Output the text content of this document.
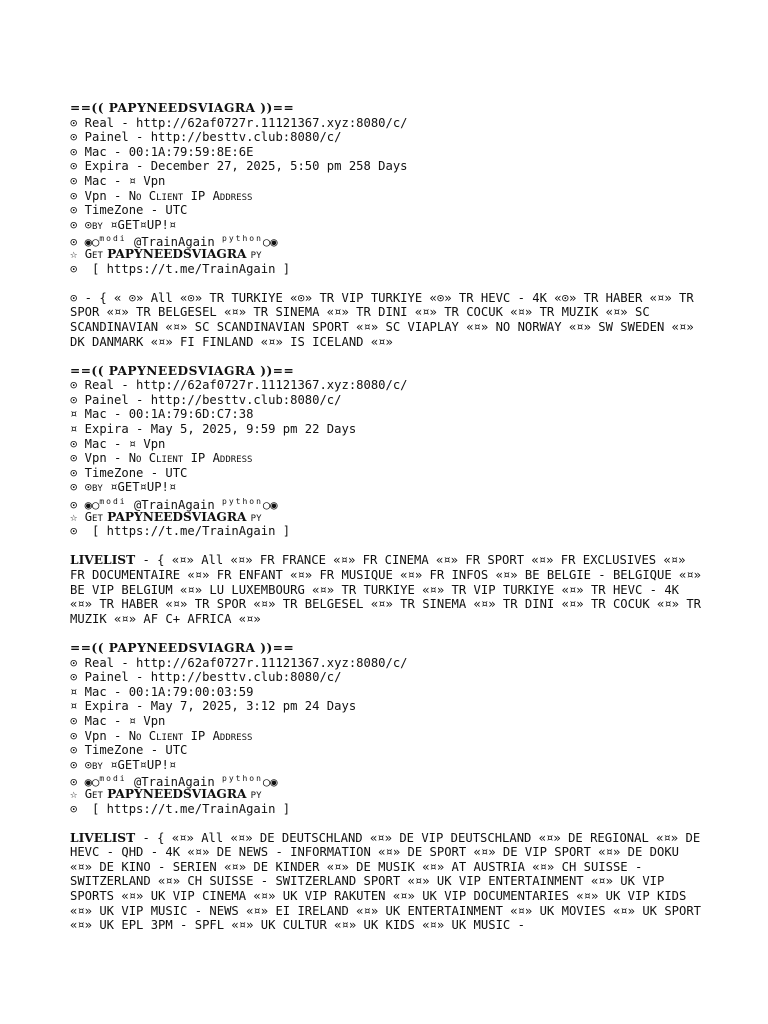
==(( PAPYNEEDSVIAGRA ))==
⊙ Real - http://62af0727r.11121367.xyz:8080/c/
⊙ Painel - http://besttv.club:8080/c/
⊙ Mac - 00:1A:79:59:8E:6E
⊙ Expira - December 27, 2025, 5:50 pm 258 Days
⊙ Mac - ¤ Vpn
⊙ Vpn - No Client IP Address
⊙ TimeZone - UTC
⊙ ⊙by ¤GET¤UP!¤
⊙ ◉○$^{modi}$ @TrainAgain $^{python}$○◉
☆ Get PAPYNEEDSVIAGRA py
⊙  [ https://t.me/TrainAgain ]
⊙ - { « ⊙» All «⊙» TR TURKIYE «⊙» TR VIP TURKIYE «⊙» TR HEVC - 4K «⊙» TR HABER «¤» TR SPOR «¤» TR BELGESEL «¤» TR SINEMA «¤» TR DINI «¤» TR COCUK «¤» TR MUZIK «¤» SC SCANDINAVIAN «¤» SC SCANDINAVIAN SPORT «¤» SC VIAPLAY «¤» NO NORWAY «¤» SW SWEDEN «¤» DK DANMARK «¤» FI FINLAND «¤» IS ICELAND «¤»
==(( PAPYNEEDSVIAGRA ))==
⊙ Real - http://62af0727r.11121367.xyz:8080/c/
⊙ Painel - http://besttv.club:8080/c/
¤ Mac - 00:1A:79:6D:C7:38
¤ Expira - May 5, 2025, 9:59 pm 22 Days
⊙ Mac - ¤ Vpn
⊙ Vpn - No Client IP Address
⊙ TimeZone - UTC
⊙ ⊙by ¤GET¤UP!¤
⊙ ◉○$^{modi}$ @TrainAgain $^{python}$○◉
☆ Get PAPYNEEDSVIAGRA py
⊙  [ https://t.me/TrainAgain ]
LIVELIST - { «¤» All «¤» FR FRANCE «¤» FR CINEMA «¤» FR SPORT «¤» FR EXCLUSIVES «¤» FR DOCUMENTAIRE «¤» FR ENFANT «¤» FR MUSIQUE «¤» FR INFOS «¤» BE BELGIE - BELGIQUE «¤» BE VIP BELGIUM «¤» LU LUXEMBOURG «¤» TR TURKIYE «¤» TR VIP TURKIYE «¤» TR HEVC - 4K «¤» TR HABER «¤» TR SPOR «¤» TR BELGESEL «¤» TR SINEMA «¤» TR DINI «¤» TR COCUK «¤» TR MUZIK «¤» AF C+ AFRICA «¤»
==(( PAPYNEEDSVIAGRA ))==
⊙ Real - http://62af0727r.11121367.xyz:8080/c/
⊙ Painel - http://besttv.club:8080/c/
¤ Mac - 00:1A:79:00:03:59
¤ Expira - May 7, 2025, 3:12 pm 24 Days
⊙ Mac - ¤ Vpn
⊙ Vpn - No Client IP Address
⊙ TimeZone - UTC
⊙ ⊙by ¤GET¤UP!¤
⊙ ◉○$^{modi}$ @TrainAgain $^{python}$○◉
☆ Get PAPYNEEDSVIAGRA py
⊙  [ https://t.me/TrainAgain ]
LIVELIST - { «¤» All «¤» DE DEUTSCHLAND «¤» DE VIP DEUTSCHLAND «¤» DE REGIONAL «¤» DE HEVC - QHD - 4K «¤» DE NEWS - INFORMATION «¤» DE SPORT «¤» DE VIP SPORT «¤» DE DOKU «¤» DE KINO - SERIEN «¤» DE KINDER «¤» DE MUSIK «¤» AT AUSTRIA «¤» CH SUISSE - SWITZERLAND «¤» CH SUISSE - SWITZERLAND SPORT «¤» UK VIP ENTERTAINMENT «¤» UK VIP SPORTS «¤» UK VIP CINEMA «¤» UK VIP RAKUTEN «¤» UK VIP DOCUMENTARIES «¤» UK VIP KIDS «¤» UK VIP MUSIC - NEWS «¤» EI IRELAND «¤» UK ENTERTAINMENT «¤» UK MOVIES «¤» UK SPORT «¤» UK EPL 3PM - SPFL «¤» UK CULTUR «¤» UK KIDS «¤» UK MUSIC -
